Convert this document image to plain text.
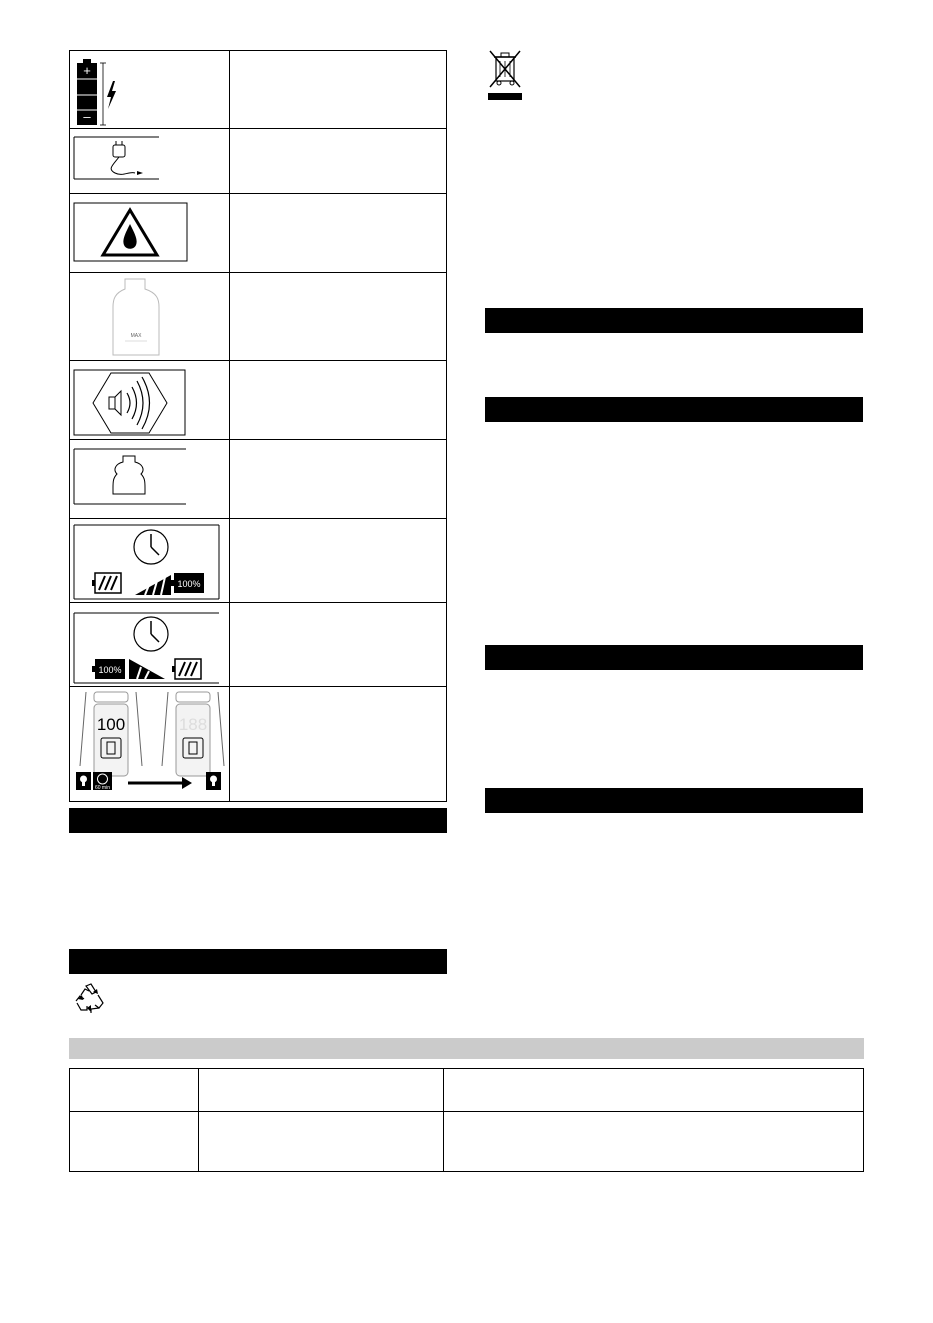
+
–
MAX
100%
100%
100	188
60 min
